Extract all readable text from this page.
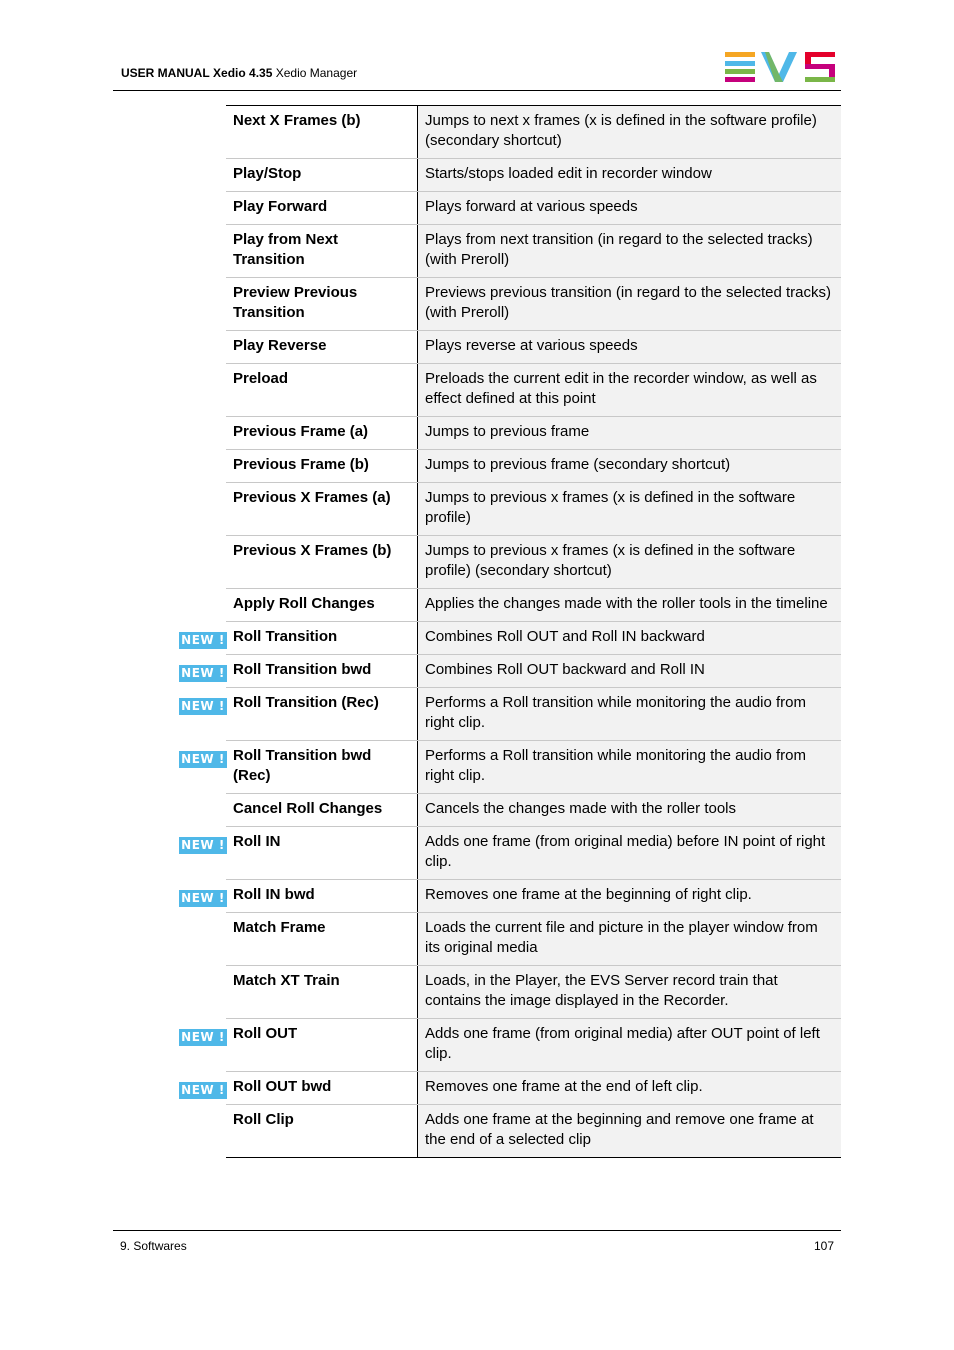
USER MANUAL Xedio 4.35 Xedio Manager
Next X Frames (b)	Jumps to next x frames (x is defined in the software profile) (secondary shortcut)

Play/Stop	Starts/stops loaded edit in recorder window

Play Forward	Plays forward at various speeds

Play from Next Transition	Plays from next transition (in regard to the selected tracks) (with Preroll)

Preview Previous Transition	Previews previous transition (in regard to the selected tracks) (with Preroll)

Play Reverse	Plays reverse at various speeds

Preload	Preloads the current edit in the recorder window, as well as effect defined at this point

Previous Frame (a)	Jumps to previous frame

Previous Frame (b)	Jumps to previous frame (secondary shortcut)

Previous X Frames (a)	Jumps to previous x frames (x is defined in the software profile)

Previous X Frames (b)	Jumps to previous x frames (x is defined in the software profile) (secondary shortcut)

Apply Roll Changes	Applies the changes made with the roller tools in the timeline

NEW ! Roll Transition	Combines Roll OUT and Roll IN backward

NEW ! Roll Transition bwd	Combines Roll OUT backward and Roll IN

NEW ! Roll Transition (Rec)	Performs a Roll transition while monitoring the audio from right clip.

NEW ! Roll Transition bwd (Rec)	Performs a Roll transition while monitoring the audio from right clip.

Cancel Roll Changes	Cancels the changes made with the roller tools

NEW ! Roll IN	Adds one frame (from original media) before IN point of right clip.

NEW ! Roll IN bwd	Removes one frame at the beginning of right clip.

Match Frame	Loads the current file and picture in the player window from its original media

Match XT Train	Loads, in the Player, the EVS Server record train that contains the image displayed in the Recorder.

NEW ! Roll OUT	Adds one frame (from original media) after OUT point of left clip.

NEW ! Roll OUT bwd	Removes one frame at the end of left clip.

Roll Clip	Adds one frame at the beginning and remove one frame at the end of a selected clip
9. Softwares	107
